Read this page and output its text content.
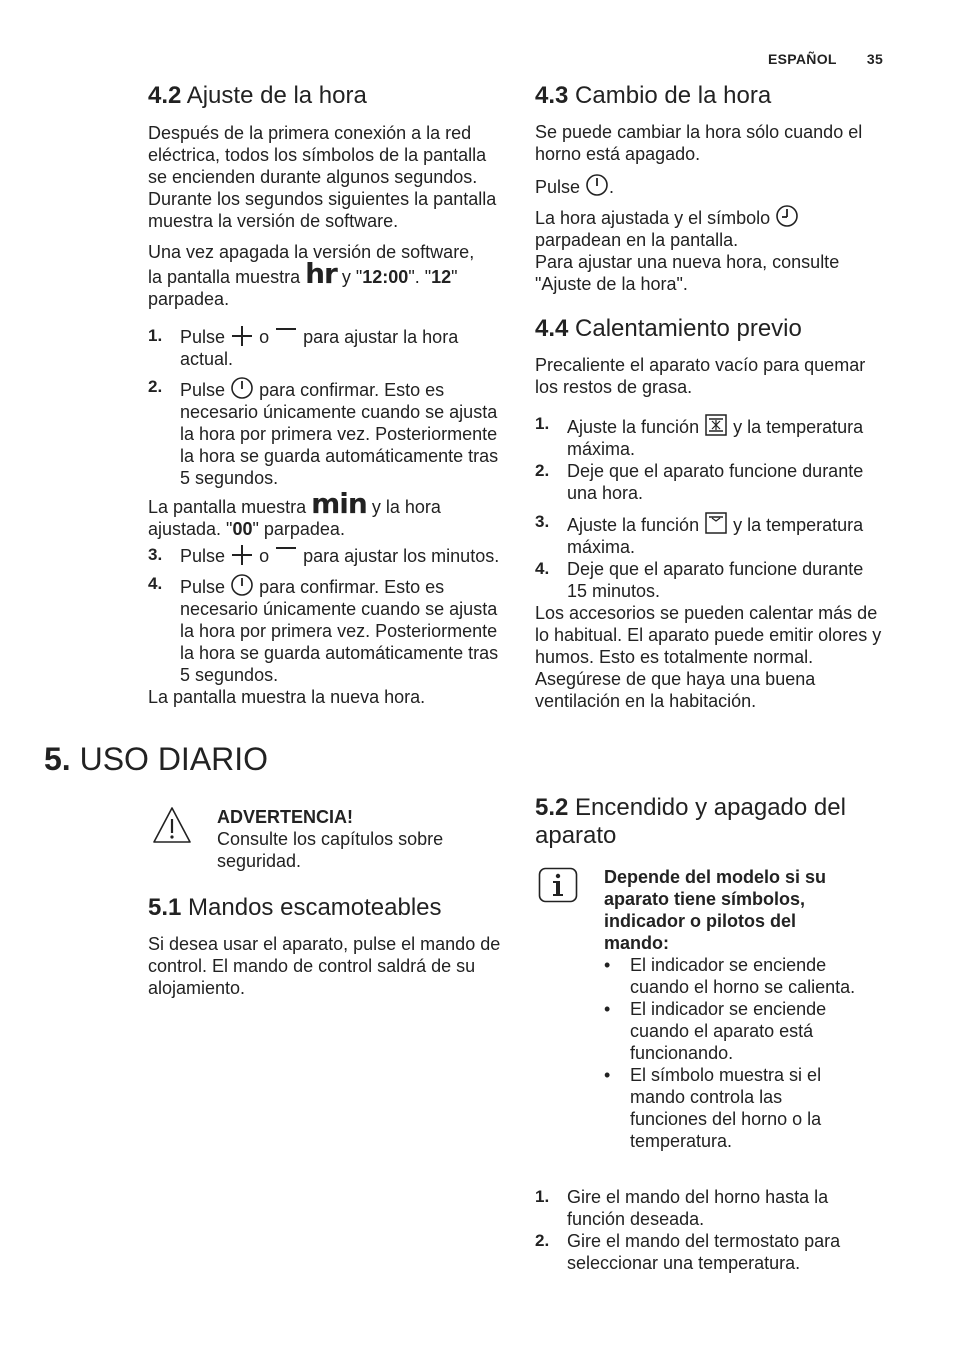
ESPAÑOL 35
4.2 Ajuste de la hora

Después de la primera conexión a la red eléctrica, todos los símbolos de la pantalla se encienden durante algunos segundos. Durante los segundos siguientes la pantalla muestra la versión de software.

Una vez apagada la versión de software,
la pantalla muestra hr y "12:00". "12"
parpadea.

1. Pulse o para ajustar la hora actual.
2. Pulse para confirmar. Esto es necesario únicamente cuando se ajusta la hora por primera vez. Posteriormente la hora se guarda automáticamente tras 5 segundos.

La pantalla muestra min y la hora ajustada. "00" parpadea.

3. Pulse o para ajustar los minutos.
4. Pulse para confirmar. Esto es necesario únicamente cuando se ajusta la hora por primera vez. Posteriormente la hora se guarda automáticamente tras 5 segundos.

La pantalla muestra la nueva hora.

4.3 Cambio de la hora

Se puede cambiar la hora sólo cuando el horno está apagado.

Pulse .

La hora ajustada y el símbolo
parpadean en la pantalla.
Para ajustar una nueva hora, consulte "Ajuste de la hora".

4.4 Calentamiento previo

Precaliente el aparato vacío para quemar los restos de grasa.

1. Ajuste la función y la temperatura máxima.
2. Deje que el aparato funcione durante una hora.
3. Ajuste la función y la temperatura máxima.
4. Deje que el aparato funcione durante 15 minutos.

Los accesorios se pueden calentar más de lo habitual. El aparato puede emitir olores y humos. Esto es totalmente normal. Asegúrese de que haya una buena ventilación en la habitación.

5. USO DIARIO

ADVERTENCIA!

Consulte los capítulos sobre seguridad.

5.1 Mandos escamoteables

Si desea usar el aparato, pulse el mando de control. El mando de control saldrá de su alojamiento.

5.2 Encendido y apagado del
aparato

Depende del modelo si su aparato tiene símbolos, indicador o pilotos del mando:

• El indicador se enciende cuando el horno se calienta.
• El indicador se enciende cuando el aparato está funcionando.
• El símbolo muestra si el mando controla las funciones del horno o la temperatura.
1. Gire el mando del horno hasta la función deseada.
2. Gire el mando del termostato para seleccionar una temperatura.
